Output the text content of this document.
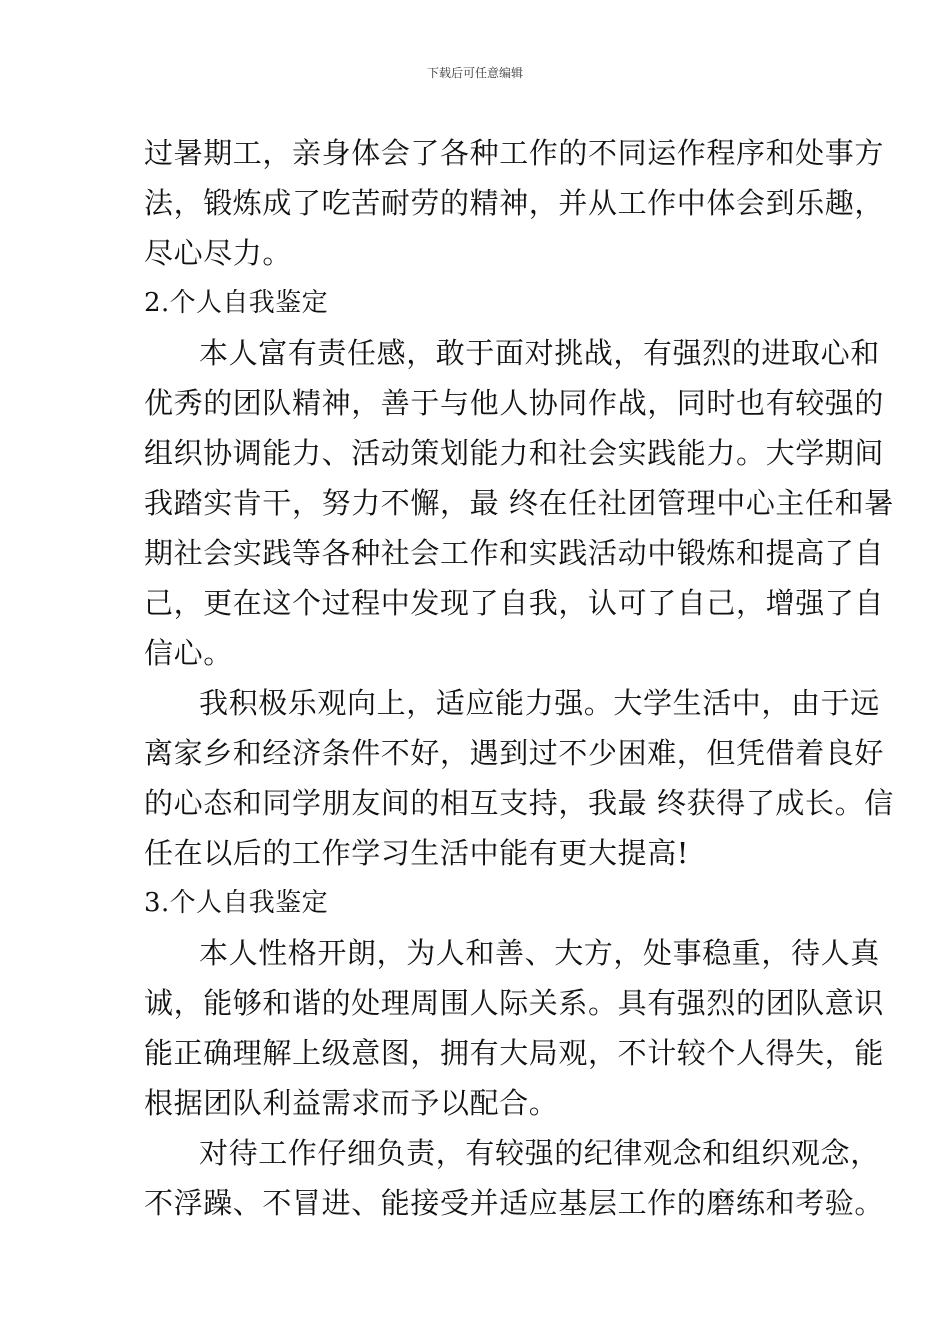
下载后可任意编辑
过暑期工，亲身体会了各种工作的不同运作程序和处事方
法，锻炼成了吃苦耐劳的精神，并从工作中体会到乐趣，
尽心尽力。
2.个人自我鉴定
本人富有责任感，敢于面对挑战，有强烈的进取心和
优秀的团队精神，善于与他人协同作战，同时也有较强的
组织协调能力、活动策划能力和社会实践能力。大学期间
我踏实肯干，努力不懈，最 终在任社团管理中心主任和暑
期社会实践等各种社会工作和实践活动中锻炼和提高了自
己，更在这个过程中发现了自我，认可了自己，增强了自
信心。
我积极乐观向上，适应能力强。大学生活中，由于远
离家乡和经济条件不好，遇到过不少困难，但凭借着良好
的心态和同学朋友间的相互支持，我最 终获得了成长。信
任在以后的工作学习生活中能有更大提高!
3.个人自我鉴定
本人性格开朗，为人和善、大方，处事稳重，待人真
诚，能够和谐的处理周围人际关系。具有强烈的团队意识
能正确理解上级意图，拥有大局观，不计较个人得失，能
根据团队利益需求而予以配合。
对待工作仔细负责，有较强的纪律观念和组织观念，
不浮躁、不冒进、能接受并适应基层工作的磨练和考验。
